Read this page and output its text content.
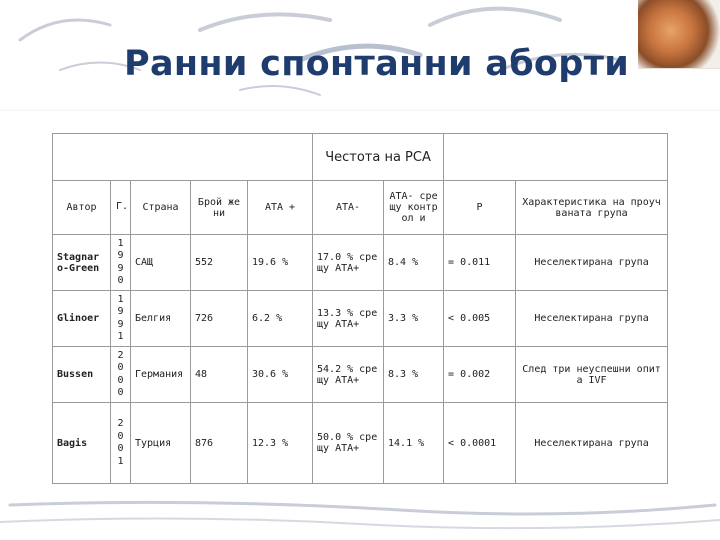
Ранни спонтанни аборти
					Честота на PCA			
Автор	Г.	Страна	Брой жени	АТА +	АТА-	АТА- срещу контрол и	P	Характеристика на проучваната група
Stagnar o-Green	1990	САЩ	552	19.6 %	17.0 % срещу АТА+	8.4 %	= 0.011	Неселектирана група
Glinoer	1991	Белгия	726	6.2 %	13.3 % срещу АТА+	3.3 %	< 0.005	Неселектирана група
Bussen	2000	Германия	48	30.6 %	54.2 % срещу АТА+	8.3 %	= 0.002	След три неуспешни опита IVF
Bagis	2001	Турция	876	12.3 %	50.0 % срещу АТА+	14.1 %	< 0.0001	Неселектирана група
